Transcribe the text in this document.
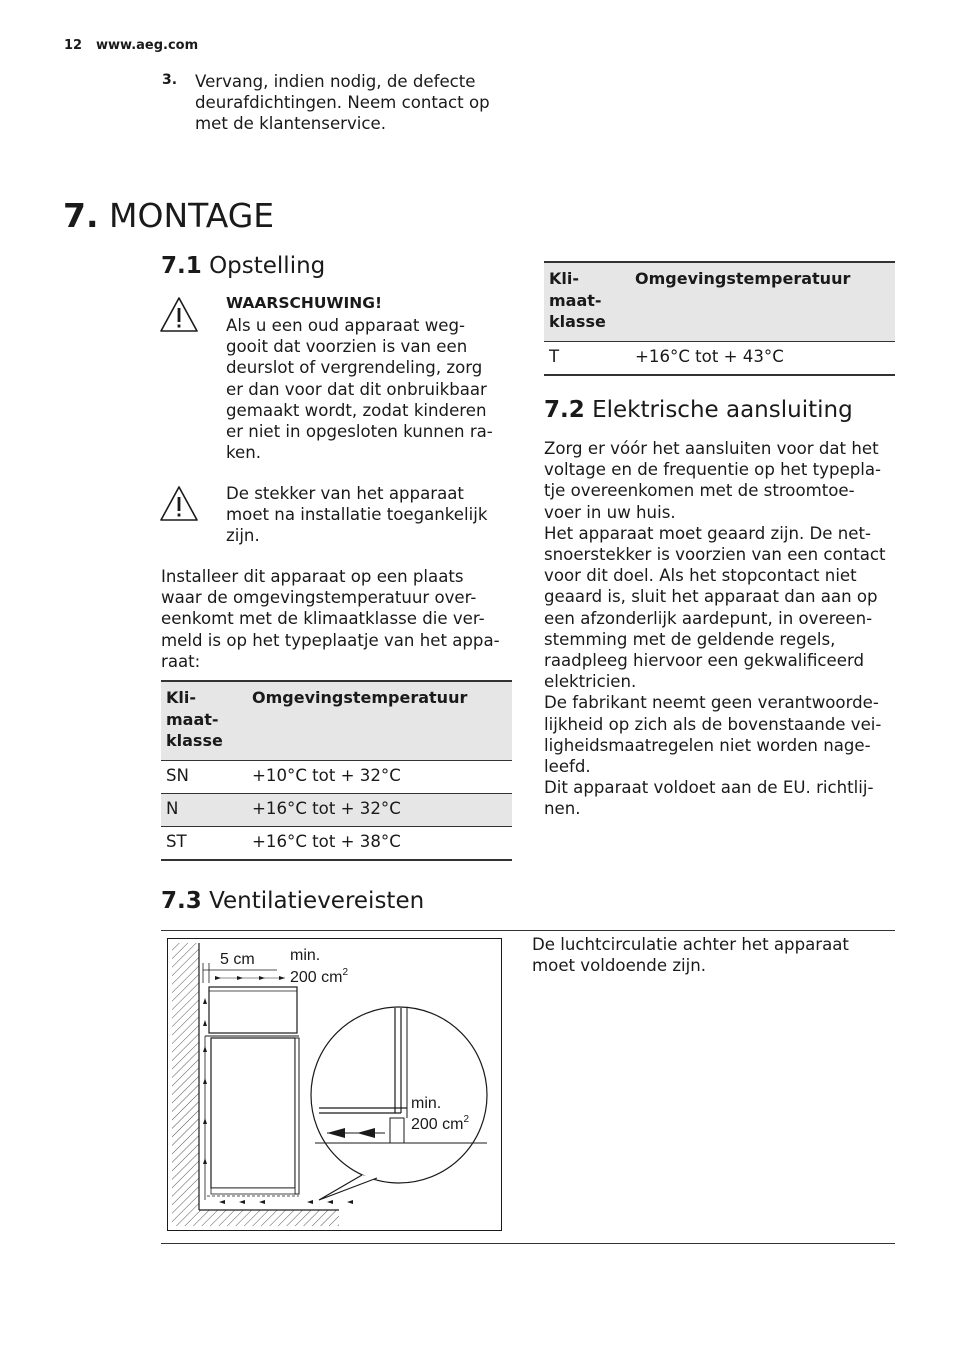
12 www.aeg.com
3. Vervang, indien nodig, de defecte
deurafdichtingen. Neem contact op
met de klantenservice.
7. MONTAGE
7.1 Opstelling
WAARSCHUWING!
Als u een oud apparaat weg-
gooit dat voorzien is van een
deurslot of vergrendeling, zorg
er dan voor dat dit onbruikbaar
gemaakt wordt, zodat kinderen
er niet in opgesloten kunnen ra-
ken.
De stekker van het apparaat
moet na installatie toegankelijk
zijn.
Installeer dit apparaat op een plaats
waar de omgevingstemperatuur over-
eenkomt met de klimaatklasse die ver-
meld is op het typeplaatje van het appa-
raat:
Kli-
maat-
klasse	Omgevingstemperatuur
SN	+10°C tot + 32°C
N	+16°C tot + 32°C
ST	+16°C tot + 38°C
Kli-
maat-
klasse	Omgevingstemperatuur
T	+16°C tot + 43°C
7.2 Elektrische aansluiting
Zorg er vóór het aansluiten voor dat het
voltage en de frequentie op het typepla-
tje overeenkomen met de stroomtoe-
voer in uw huis.
Het apparaat moet geaard zijn. De net-
snoerstekker is voorzien van een contact
voor dit doel. Als het stopcontact niet
geaard is, sluit het apparaat dan aan op
een afzonderlijk aardepunt, in overeen-
stemming met de geldende regels,
raadpleeg hiervoor een gekwalificeerd
elektricien.
De fabrikant neemt geen verantwoorde-
lijkheid op zich als de bovenstaande vei-
ligheidsmaatregelen niet worden nage-
leefd.
Dit apparaat voldoet aan de EU. richtlij-
nen.
7.3 Ventilatievereisten
De luchtcirculatie achter het apparaat
moet voldoende zijn.
5 cm min.
200 $cm^2$
min.
200 $cm^2$
